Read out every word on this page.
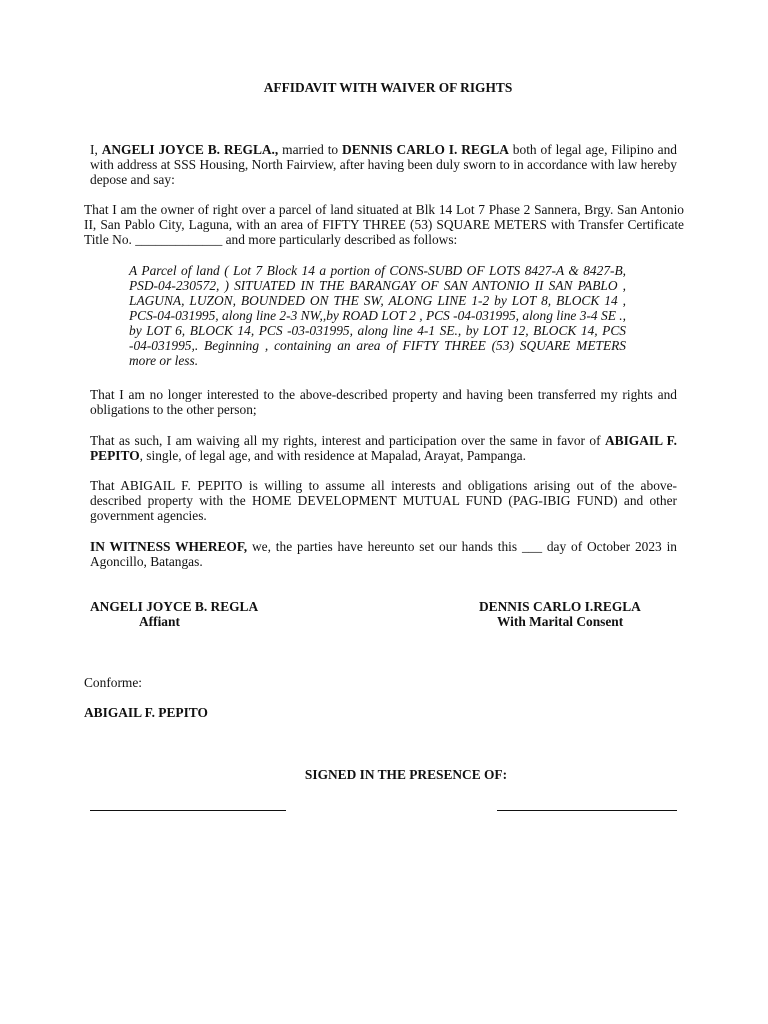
AFFIDAVIT WITH WAIVER OF RIGHTS
I, ANGELI JOYCE B. REGLA., married to DENNIS CARLO I. REGLA both of legal age, Filipino and with address at SSS Housing, North Fairview, after having been duly sworn to in accordance with law hereby depose and say:
That I am the owner of right over a parcel of land situated at Blk 14 Lot 7 Phase 2 Sannera, Brgy. San Antonio II, San Pablo City, Laguna, with an area of FIFTY THREE (53) SQUARE METERS with Transfer Certificate Title No. _____________ and more particularly described as follows:
A Parcel of land ( Lot 7 Block 14 a portion of CONS-SUBD OF LOTS 8427-A & 8427-B, PSD-04-230572, ) SITUATED IN THE BARANGAY OF SAN ANTONIO II SAN PABLO , LAGUNA, LUZON, BOUNDED ON THE SW, ALONG LINE 1-2 by LOT 8, BLOCK 14 , PCS-04-031995, along line 2-3 NW,,by ROAD LOT 2 , PCS -04-031995, along line 3-4 SE ., by LOT 6, BLOCK 14, PCS -03-031995, along line 4-1 SE., by LOT 12, BLOCK 14, PCS -04-031995,. Beginning , containing an area of FIFTY THREE (53) SQUARE METERS more or less.
That I am no longer interested to the above-described property and having been transferred my rights and obligations to the other person;
That as such, I am waiving all my rights, interest and participation over the same in favor of ABIGAIL F. PEPITO, single, of legal age, and with residence at Mapalad, Arayat, Pampanga.
That ABIGAIL F. PEPITO is willing to assume all interests and obligations arising out of the above-described property with the HOME DEVELOPMENT MUTUAL FUND (PAG-IBIG FUND) and other government agencies.
IN WITNESS WHEREOF, we, the parties have hereunto set our hands this ___ day of October 2023 in Agoncillo, Batangas.
ANGELI JOYCE B. REGLA
Affiant
DENNIS CARLO I.REGLA
With Marital Consent
Conforme:
ABIGAIL F. PEPITO
SIGNED IN THE PRESENCE OF:
